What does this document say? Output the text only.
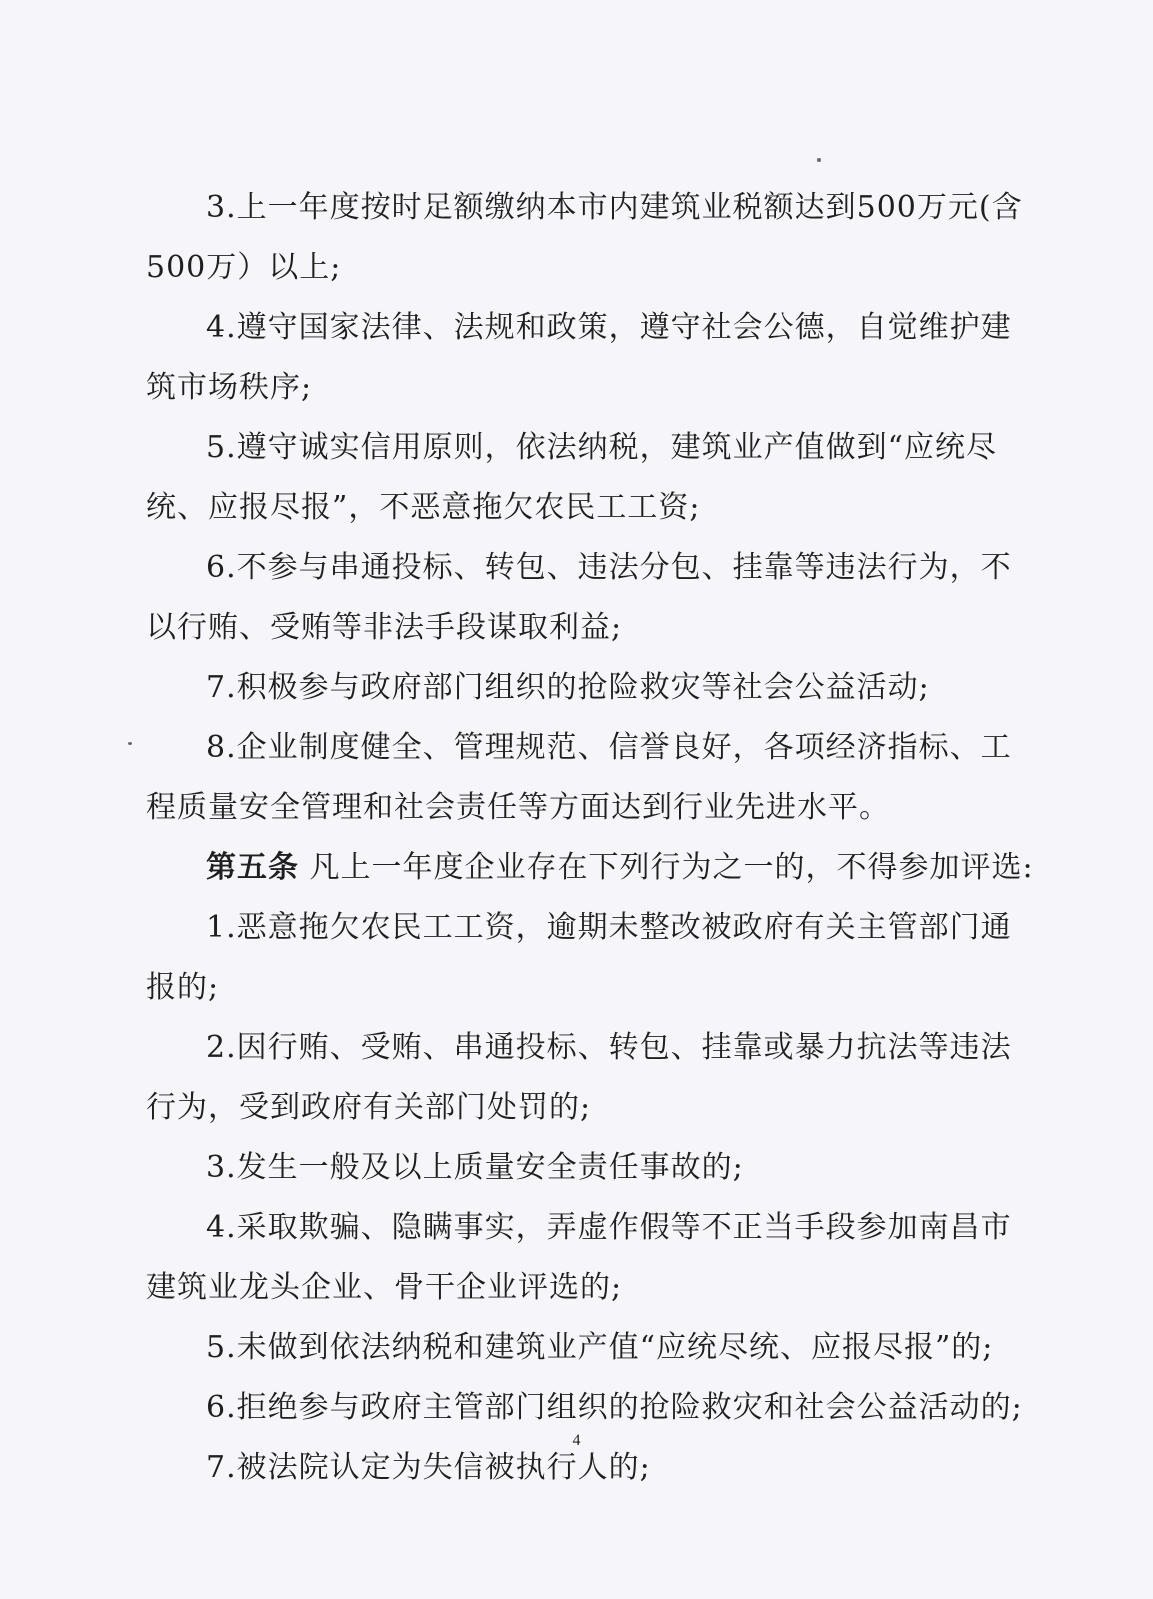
3.上一年度按时足额缴纳本市内建筑业税额达到500万元(含
500万）以上;
4.遵守国家法律、法规和政策，遵守社会公德，自觉维护建
筑市场秩序;
5.遵守诚实信用原则，依法纳税，建筑业产值做到“应统尽
统、应报尽报”，不恶意拖欠农民工工资;
6.不参与串通投标、转包、违法分包、挂靠等违法行为，不
以行贿、受贿等非法手段谋取利益;
7.积极参与政府部门组织的抢险救灾等社会公益活动;
8.企业制度健全、管理规范、信誉良好，各项经济指标、工
程质量安全管理和社会责任等方面达到行业先进水平。
第五条 凡上一年度企业存在下列行为之一的，不得参加评选:
1.恶意拖欠农民工工资，逾期未整改被政府有关主管部门通
报的;
2.因行贿、受贿、串通投标、转包、挂靠或暴力抗法等违法
行为，受到政府有关部门处罚的;
3.发生一般及以上质量安全责任事故的;
4.采取欺骗、隐瞒事实，弄虚作假等不正当手段参加南昌市
建筑业龙头企业、骨干企业评选的;
5.未做到依法纳税和建筑业产值“应统尽统、应报尽报”的;
6.拒绝参与政府主管部门组织的抢险救灾和社会公益活动的;
7.被法院认定为失信被执行人的;
4
